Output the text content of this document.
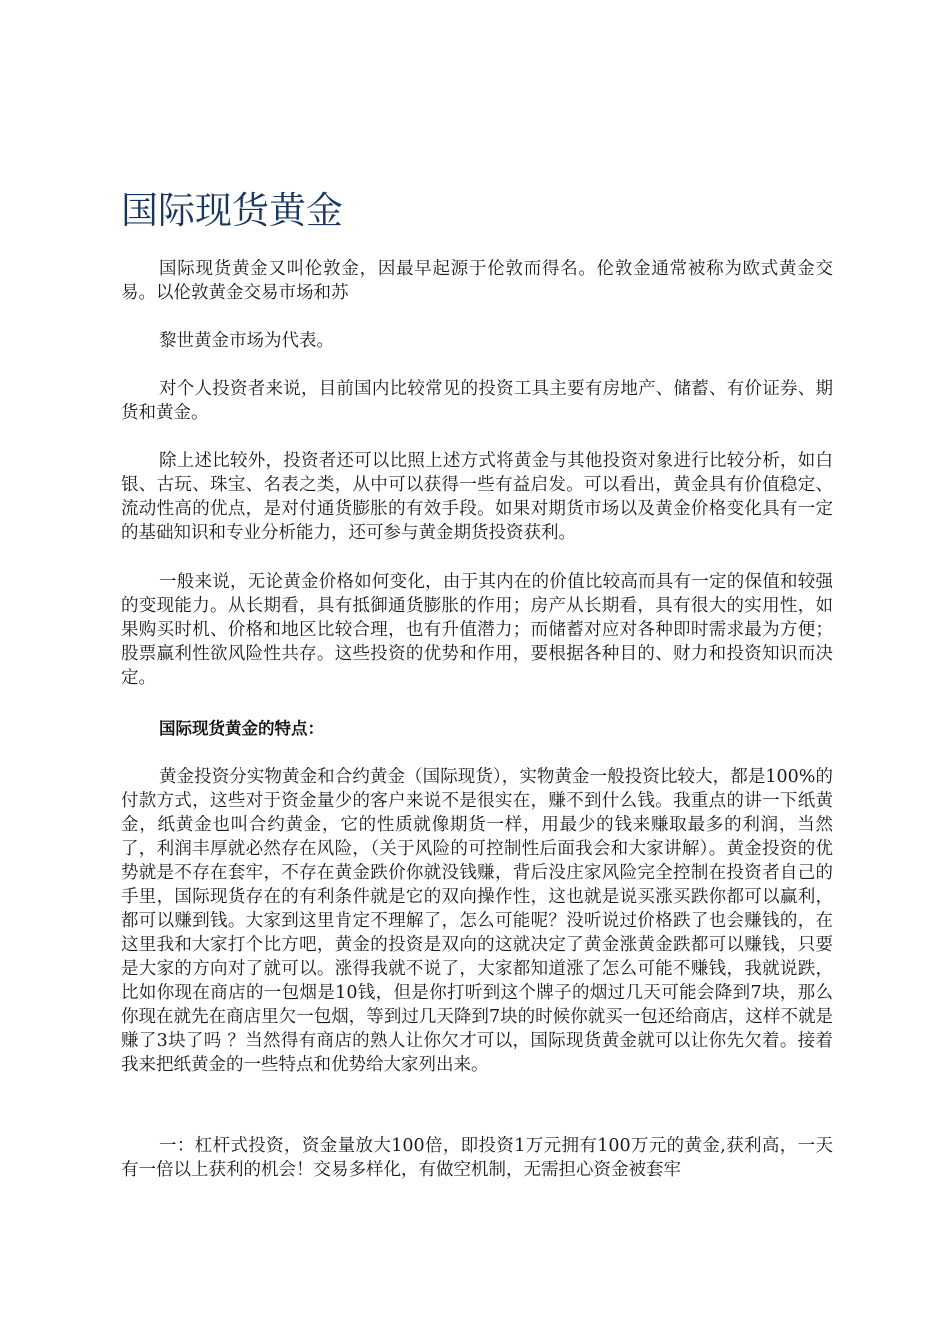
国际现货黄金

国际现货黄金又叫伦敦金，因最早起源于伦敦而得名。伦敦金通常被称为欧式黄金交易。以伦敦黄金交易市场和苏

黎世黄金市场为代表。

对个人投资者来说，目前国内比较常见的投资工具主要有房地产、储蓄、有价证券、期货和黄金。

除上述比较外，投资者还可以比照上述方式将黄金与其他投资对象进行比较分析，如白银、古玩、珠宝、名表之类，从中可以获得一些有益启发。可以看出，黄金具有价值稳定、流动性高的优点，是对付通货膨胀的有效手段。如果对期货市场以及黄金价格变化具有一定的基础知识和专业分析能力，还可参与黄金期货投资获利。

一般来说，无论黄金价格如何变化，由于其内在的价值比较高而具有一定的保值和较强的变现能力。从长期看，具有抵御通货膨胀的作用；房产从长期看，具有很大的实用性，如果购买时机、价格和地区比较合理，也有升值潜力；而储蓄对应对各种即时需求最为方便；股票赢利性欲风险性共存。这些投资的优势和作用，要根据各种目的、财力和投资知识而决定。

国际现货黄金的特点：

黄金投资分实物黄金和合约黄金（国际现货），实物黄金一般投资比较大，都是100%的付款方式，这些对于资金量少的客户来说不是很实在，赚不到什么钱。我重点的讲一下纸黄金，纸黄金也叫合约黄金，它的性质就像期货一样，用最少的钱来赚取最多的利润，当然了，利润丰厚就必然存在风险，（关于风险的可控制性后面我会和大家讲解）。黄金投资的优势就是不存在套牢，不存在黄金跌价你就没钱赚，背后没庄家风险完全控制在投资者自己的手里，国际现货存在的有利条件就是它的双向操作性，这也就是说买涨买跌你都可以赢利，都可以赚到钱。大家到这里肯定不理解了，怎么可能呢？没听说过价格跌了也会赚钱的，在这里我和大家打个比方吧，黄金的投资是双向的这就决定了黄金涨黄金跌都可以赚钱，只要是大家的方向对了就可以。涨得我就不说了，大家都知道涨了怎么可能不赚钱，我就说跌，比如你现在商店的一包烟是10钱，但是你打听到这个牌子的烟过几天可能会降到7块，那么你现在就先在商店里欠一包烟，等到过几天降到7块的时候你就买一包还给商店，这样不就是赚了3块了吗 ？当然得有商店的熟人让你欠才可以，国际现货黄金就可以让你先欠着。接着我来把纸黄金的一些特点和优势给大家列出来。

一：杠杆式投资，资金量放大100倍，即投资1万元拥有100万元的黄金,获利高，一天有一倍以上获利的机会！交易多样化，有做空机制，无需担心资金被套牢
